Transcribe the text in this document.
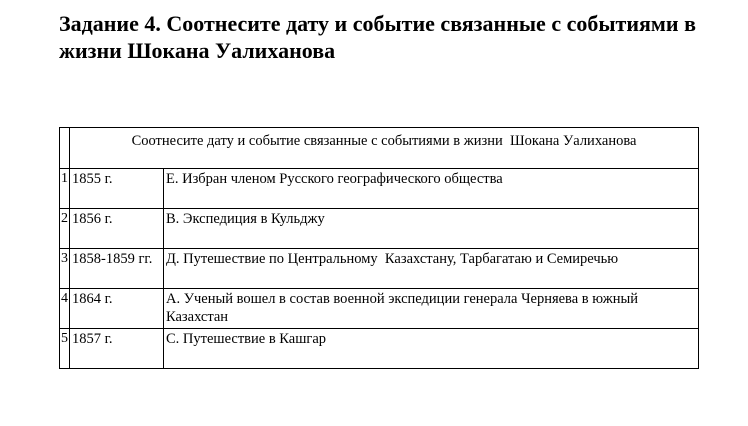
Задание 4. Соотнесите дату и событие связанные с событиями в жизни Шокана Уалиханова
	Соотнесите дату и событие связанные с событиями в жизни  Шокана Уалиханова	
1	1855 г.	Е. Избран членом Русского географического общества
2	1856 г.	В. Экспедиция в Кульджу
3	1858-1859 гг.	Д. Путешествие по Центральному  Казахстану, Тарбагатаю и Семиречью
4	1864 г.	А. Ученый вошел в состав военной экспедиции генерала Черняева в южный Казахстан
5	1857 г.	С. Путешествие в Кашгар
